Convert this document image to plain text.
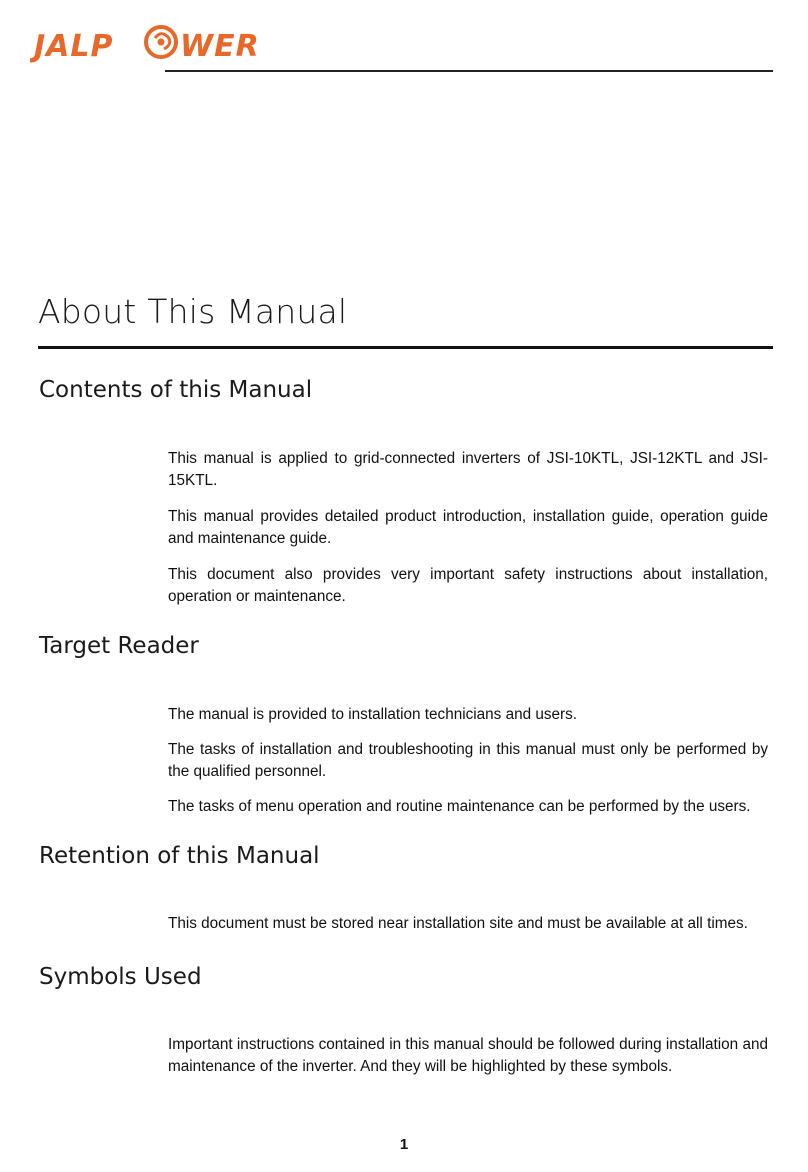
JALP WER
About This Manual
Contents of this Manual

This manual is applied to grid-connected inverters of JSI-10KTL, JSI-12KTL and JSI-15KTL.

This manual provides detailed product introduction, installation guide, operation guide and maintenance guide.

This document also provides very important safety instructions about installation, operation or maintenance.

Target Reader

The manual is provided to installation technicians and users.

The tasks of installation and troubleshooting in this manual must only be performed by the qualified personnel.

The tasks of menu operation and routine maintenance can be performed by the users.

Retention of this Manual

This document must be stored near installation site and must be available at all times.

Symbols Used

Important instructions contained in this manual should be followed during installation and maintenance of the inverter. And they will be highlighted by these symbols.

1
